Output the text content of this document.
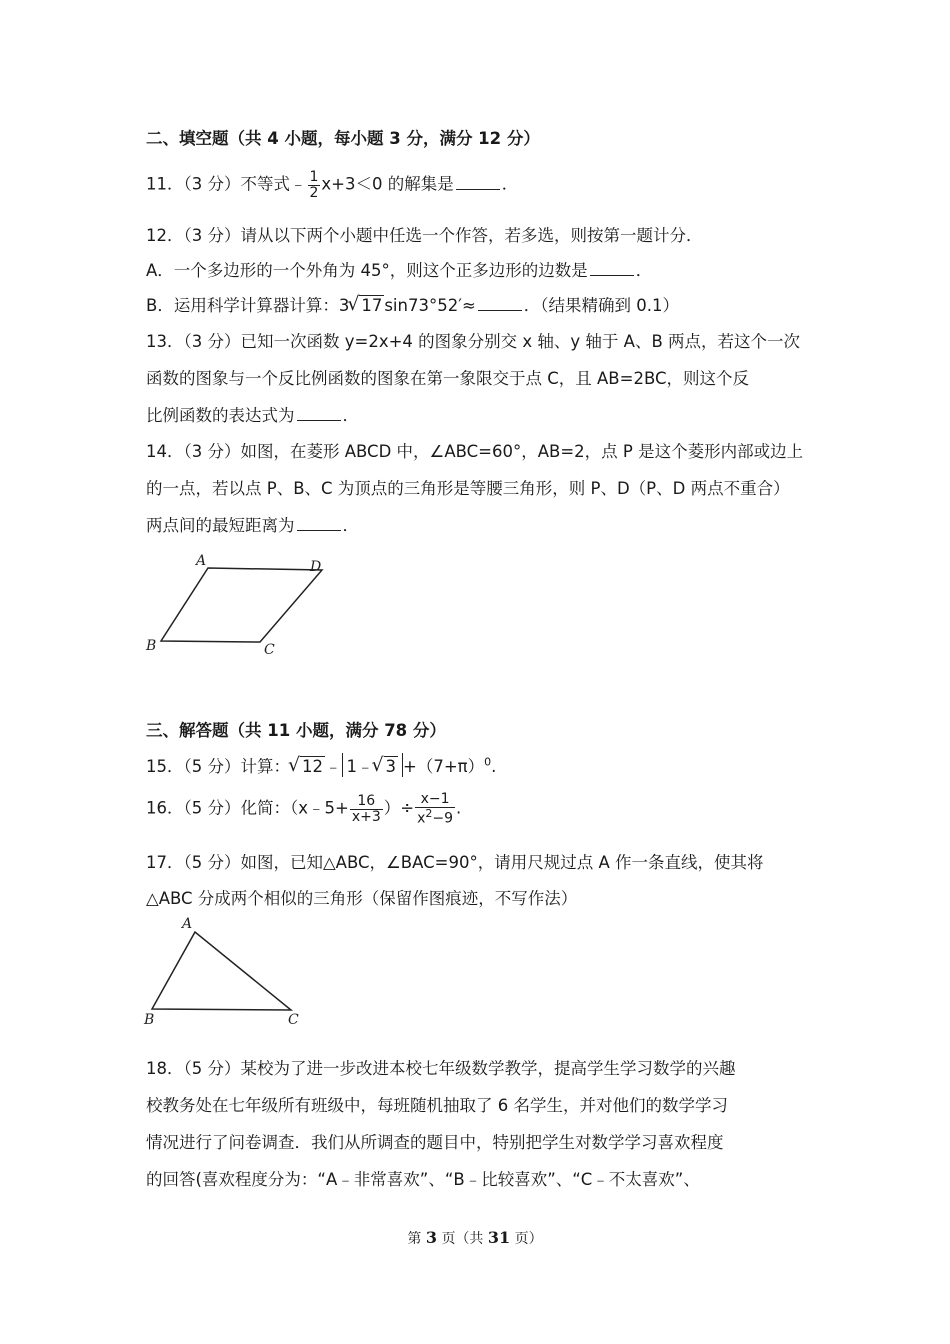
二、填空题（共 4 小题，每小题 3 分，满分 12 分）
11．（3 分）不等式﹣ $\frac{1}{2} x+3<0$ 的解集是	．
12．（3 分）请从以下两个小题中任选一个作答，若多选，则按第一题计分．
A．一个多边形的一个外角为 45°，则这个正多边形的边数是	．
B．运用科学计算器计算：3 √ 17 sin73°52′≈	．（结果精确到 0.1）
13．（3 分）已知一次函数 y=2x+4 的图象分别交 x 轴、y 轴于 A、B 两点，若这个一次
函数的图象与一个反比例函数的图象在第一象限交于点 C，且 AB=2BC，则这个反
比例函数的表达式为	．
14．（3 分）如图，在菱形 ABCD 中，∠ABC=60°，AB=2，点 P 是这个菱形内部或边上
的一点，若以点 P、B、C 为顶点的三角形是等腰三角形，则 P、D（P、D 两点不重合）
两点间的最短距离为	．
A	D
B	C
三、解答题（共 11 小题，满分 78 分）
15．（5 分）计算： √ 12 ﹣ 1﹣ √ $3 +(7+\pi)^0$.
16．（5 分）化简：（x﹣5+ $\frac{16}{x+3}$ ）÷ $\frac{x-1}{x^2-9}$ .
17．（5 分）如图，已知△ABC，∠BAC=90°，请用尺规过点 A 作一条直线，使其将
△ABC 分成两个相似的三角形（保留作图痕迹，不写作法）
A
B	C
18．（5 分）某校为了进一步改进本校七年级数学教学，提高学生学习数学的兴趣
校教务处在七年级所有班级中，每班随机抽取了 6 名学生，并对他们的数学学习
情况进行了问卷调查．我们从所调查的题目中，特别把学生对数学学习喜欢程度
的回答(喜欢程度分为：“A﹣非常喜欢”、“B﹣比较喜欢”、“C﹣不太喜欢”、
第 3 页（共 31 页）
